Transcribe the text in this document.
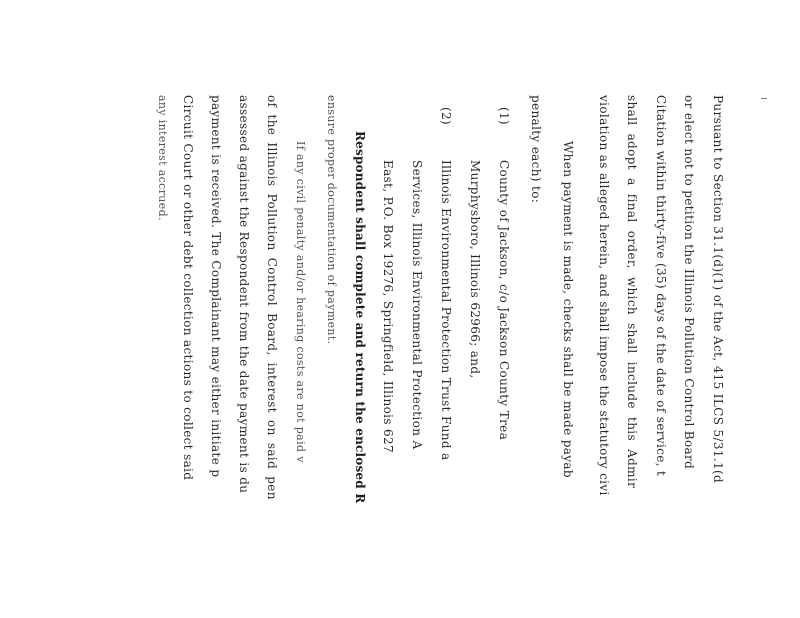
Pursuant to Section 31.1(d)(1) of the Act, 415 ILCS 5/31.1(d
or elect not to petition the Illinois Pollution Control Board
Citation within thirty-five (35) days of the date of service, t
shall adopt a final order, which shall include this Admir
violation as alleged herein, and shall impose the statutory civi
When payment is made, checks shall be made payab
penalty each) to:
(1)
County of Jackson, c/o Jackson County Trea
Murphysboro, Illinois 62966; and,
(2)
Illinois Environmental Protection Trust Fund a
Services, Illinois Environmental Protection A
East, P.O. Box 19276, Springfield, Illinois 627
Respondent shall complete and return the enclosed R
ensure proper documentation of payment.
If any civil penalty and/or hearing costs are not paid v
of the Illinois Pollution Control Board, interest on said pen
assessed against the Respondent from the date payment is du
payment is received. The Complainant may either initiate p
Circuit Court or other debt collection actions to collect said
any interest accrued.
